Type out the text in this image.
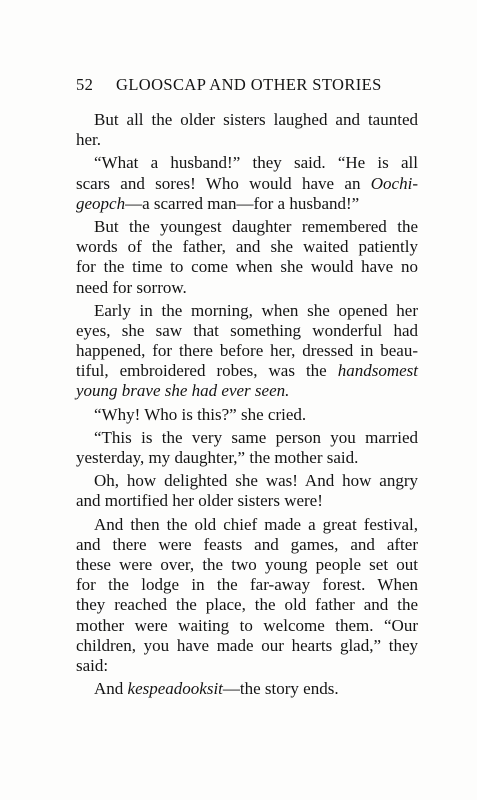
52 GLOOSCAP AND OTHER STORIES
But all the older sisters laughed and taunted
her.
“What a husband!” they said. “He is all
scars and sores! Who would have an Oochi-
geopch—a scarred man—for a husband!”
But the youngest daughter remembered the
words of the father, and she waited patiently
for the time to come when she would have no
need for sorrow.
Early in the morning, when she opened her
eyes, she saw that something wonderful had
happened, for there before her, dressed in beau-
tiful, embroidered robes, was the handsomest
young brave she had ever seen.
“Why! Who is this?” she cried.
“This is the very same person you married
yesterday, my daughter,” the mother said.
Oh, how delighted she was! And how angry
and mortified her older sisters were!
And then the old chief made a great festival,
and there were feasts and games, and after
these were over, the two young people set out
for the lodge in the far-away forest. When
they reached the place, the old father and the
mother were waiting to welcome them. “Our
children, you have made our hearts glad,” they
said:
And kespeadooksit—the story ends.
